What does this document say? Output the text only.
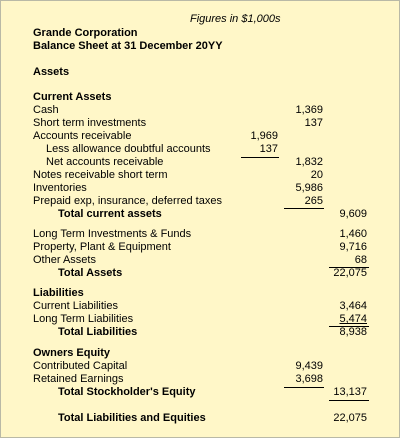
Figures in $1,000s
Grande Corporation
Balance Sheet at 31 December 20YY
Assets
Current Assets
Cash	1,369
Short term investments	137
Accounts receivable	1,969
Less allowance doubtful accounts	137
Net accounts receivable	1,832
Notes receivable short term	20
Inventories	5,986
Prepaid exp, insurance, deferred taxes	265
Total current assets	9,609
Long Term Investments & Funds	1,460
Property, Plant & Equipment	9,716
Other Assets	68
Total Assets	22,075
Liabilities
Current Liabilities	3,464
Long Term Liabilities	5,474
Total Liabilities	8,938
Owners Equity
Contributed Capital	9,439
Retained Earnings	3,698
Total Stockholder's Equity	13,137
Total Liabilities and Equities	22,075
